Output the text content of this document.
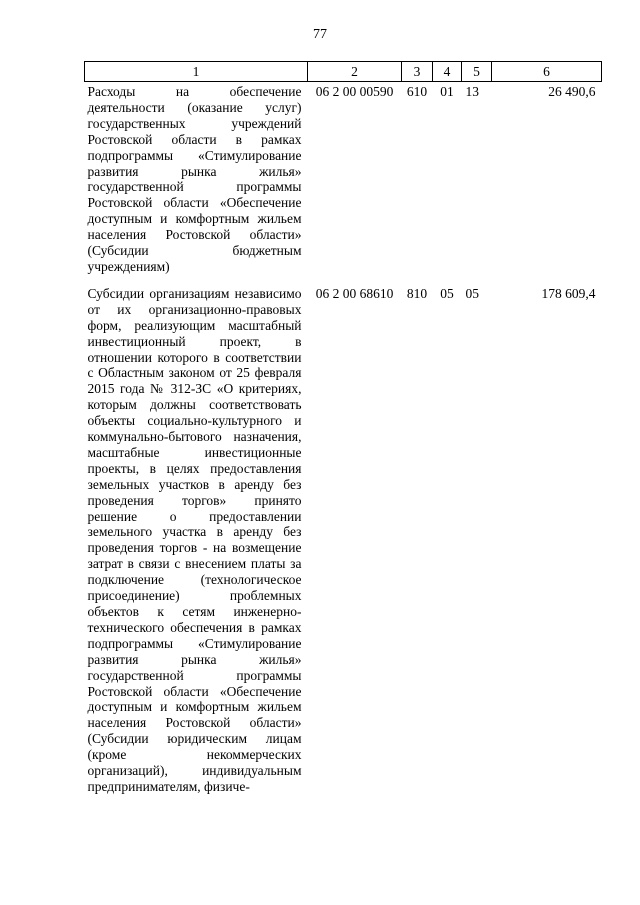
77
1	2	3	4	5	6
Расходы на обеспечение деятельности (оказание услуг) государственных учреждений Ростовской области в рамках подпрограммы «Стимулирование развития рынка жилья» государственной программы Ростовской области «Обеспечение доступным и комфортным жильем населения Ростовской области» (Субсидии бюджетным учреждениям)	06 2 00 00590	610	01	13	26 490,6

Субсидии организациям независимо от их организационно-правовых форм, реализующим масштабный инвестиционный проект, в отношении которого в соответствии с Областным законом от 25 февраля 2015 года № 312-ЗС «О критериях, которым должны соответствовать объекты социально-культурного и коммунально-бытового назначения, масштабные инвестиционные проекты, в целях предоставления земельных участков в аренду без проведения торгов» принято решение о предоставлении земельного участка в аренду без проведения торгов - на возмещение затрат в связи с внесением платы за подключение (технологическое присоединение) проблемных объектов к сетям инженерно-технического обеспечения в рамках подпрограммы «Стимулирование развития рынка жилья» государственной программы Ростовской области «Обеспечение доступным и комфортным жильем населения Ростовской области» (Субсидии юридическим лицам (кроме некоммерческих организаций), индивидуальным предпринимателям, физиче-	06 2 00 68610	810	05	05	178 609,4
